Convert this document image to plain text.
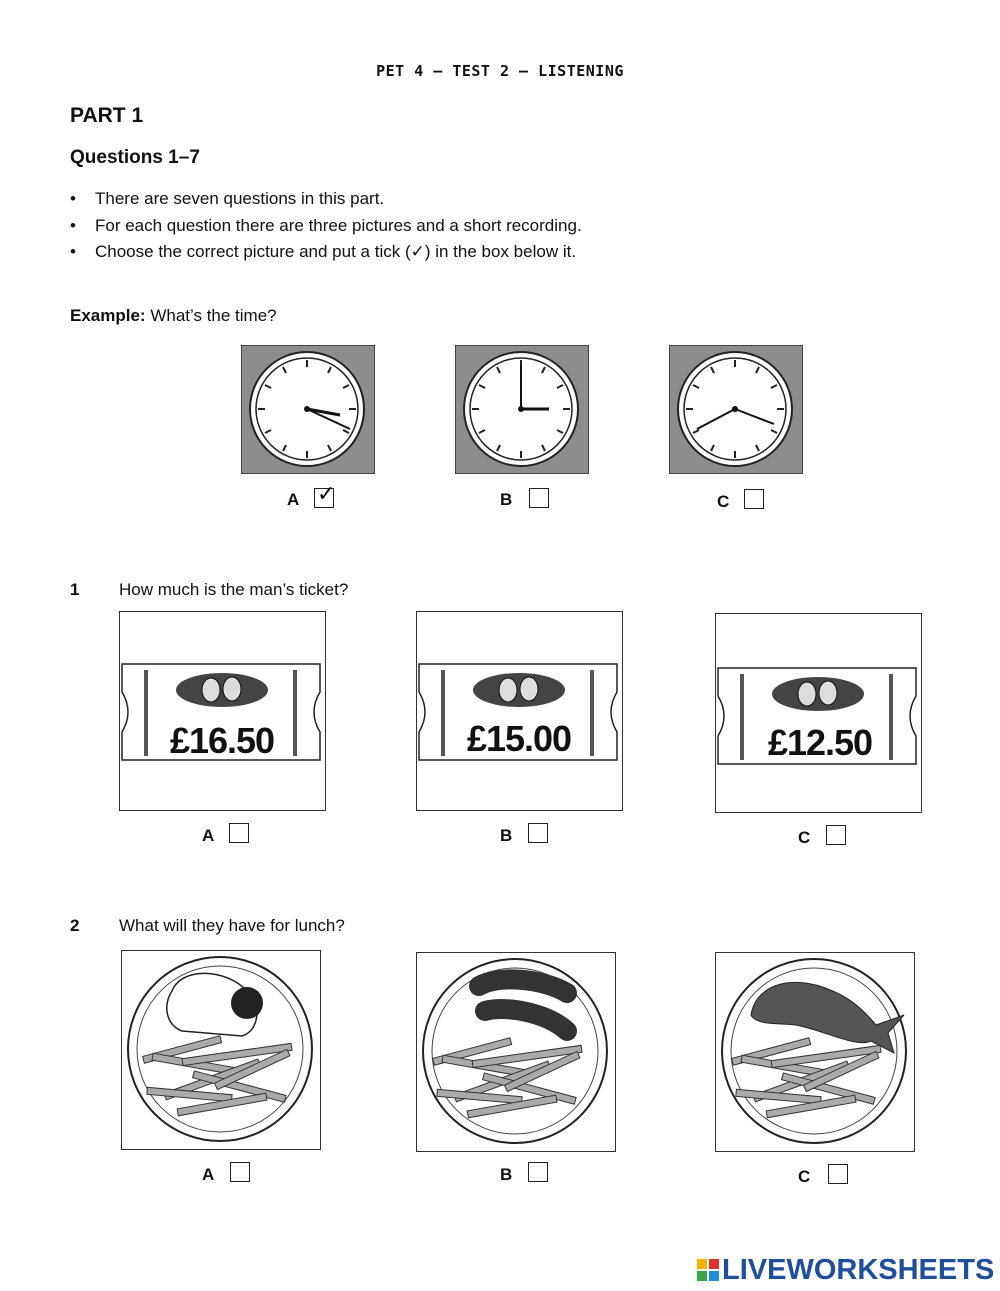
PET 4 – TEST 2 – LISTENING
PART 1
Questions 1–7
• There are seven questions in this part.
• For each question there are three pictures and a short recording.
• Choose the correct picture and put a tick (✓) in the box below it.
Example: What’s the time?
A ✓	B	C
1 How much is the man’s ticket?
£16.50	£15.00	£12.50
A	B	C
2 What will they have for lunch?
A	B	C
LIVEWORKSHEETS
